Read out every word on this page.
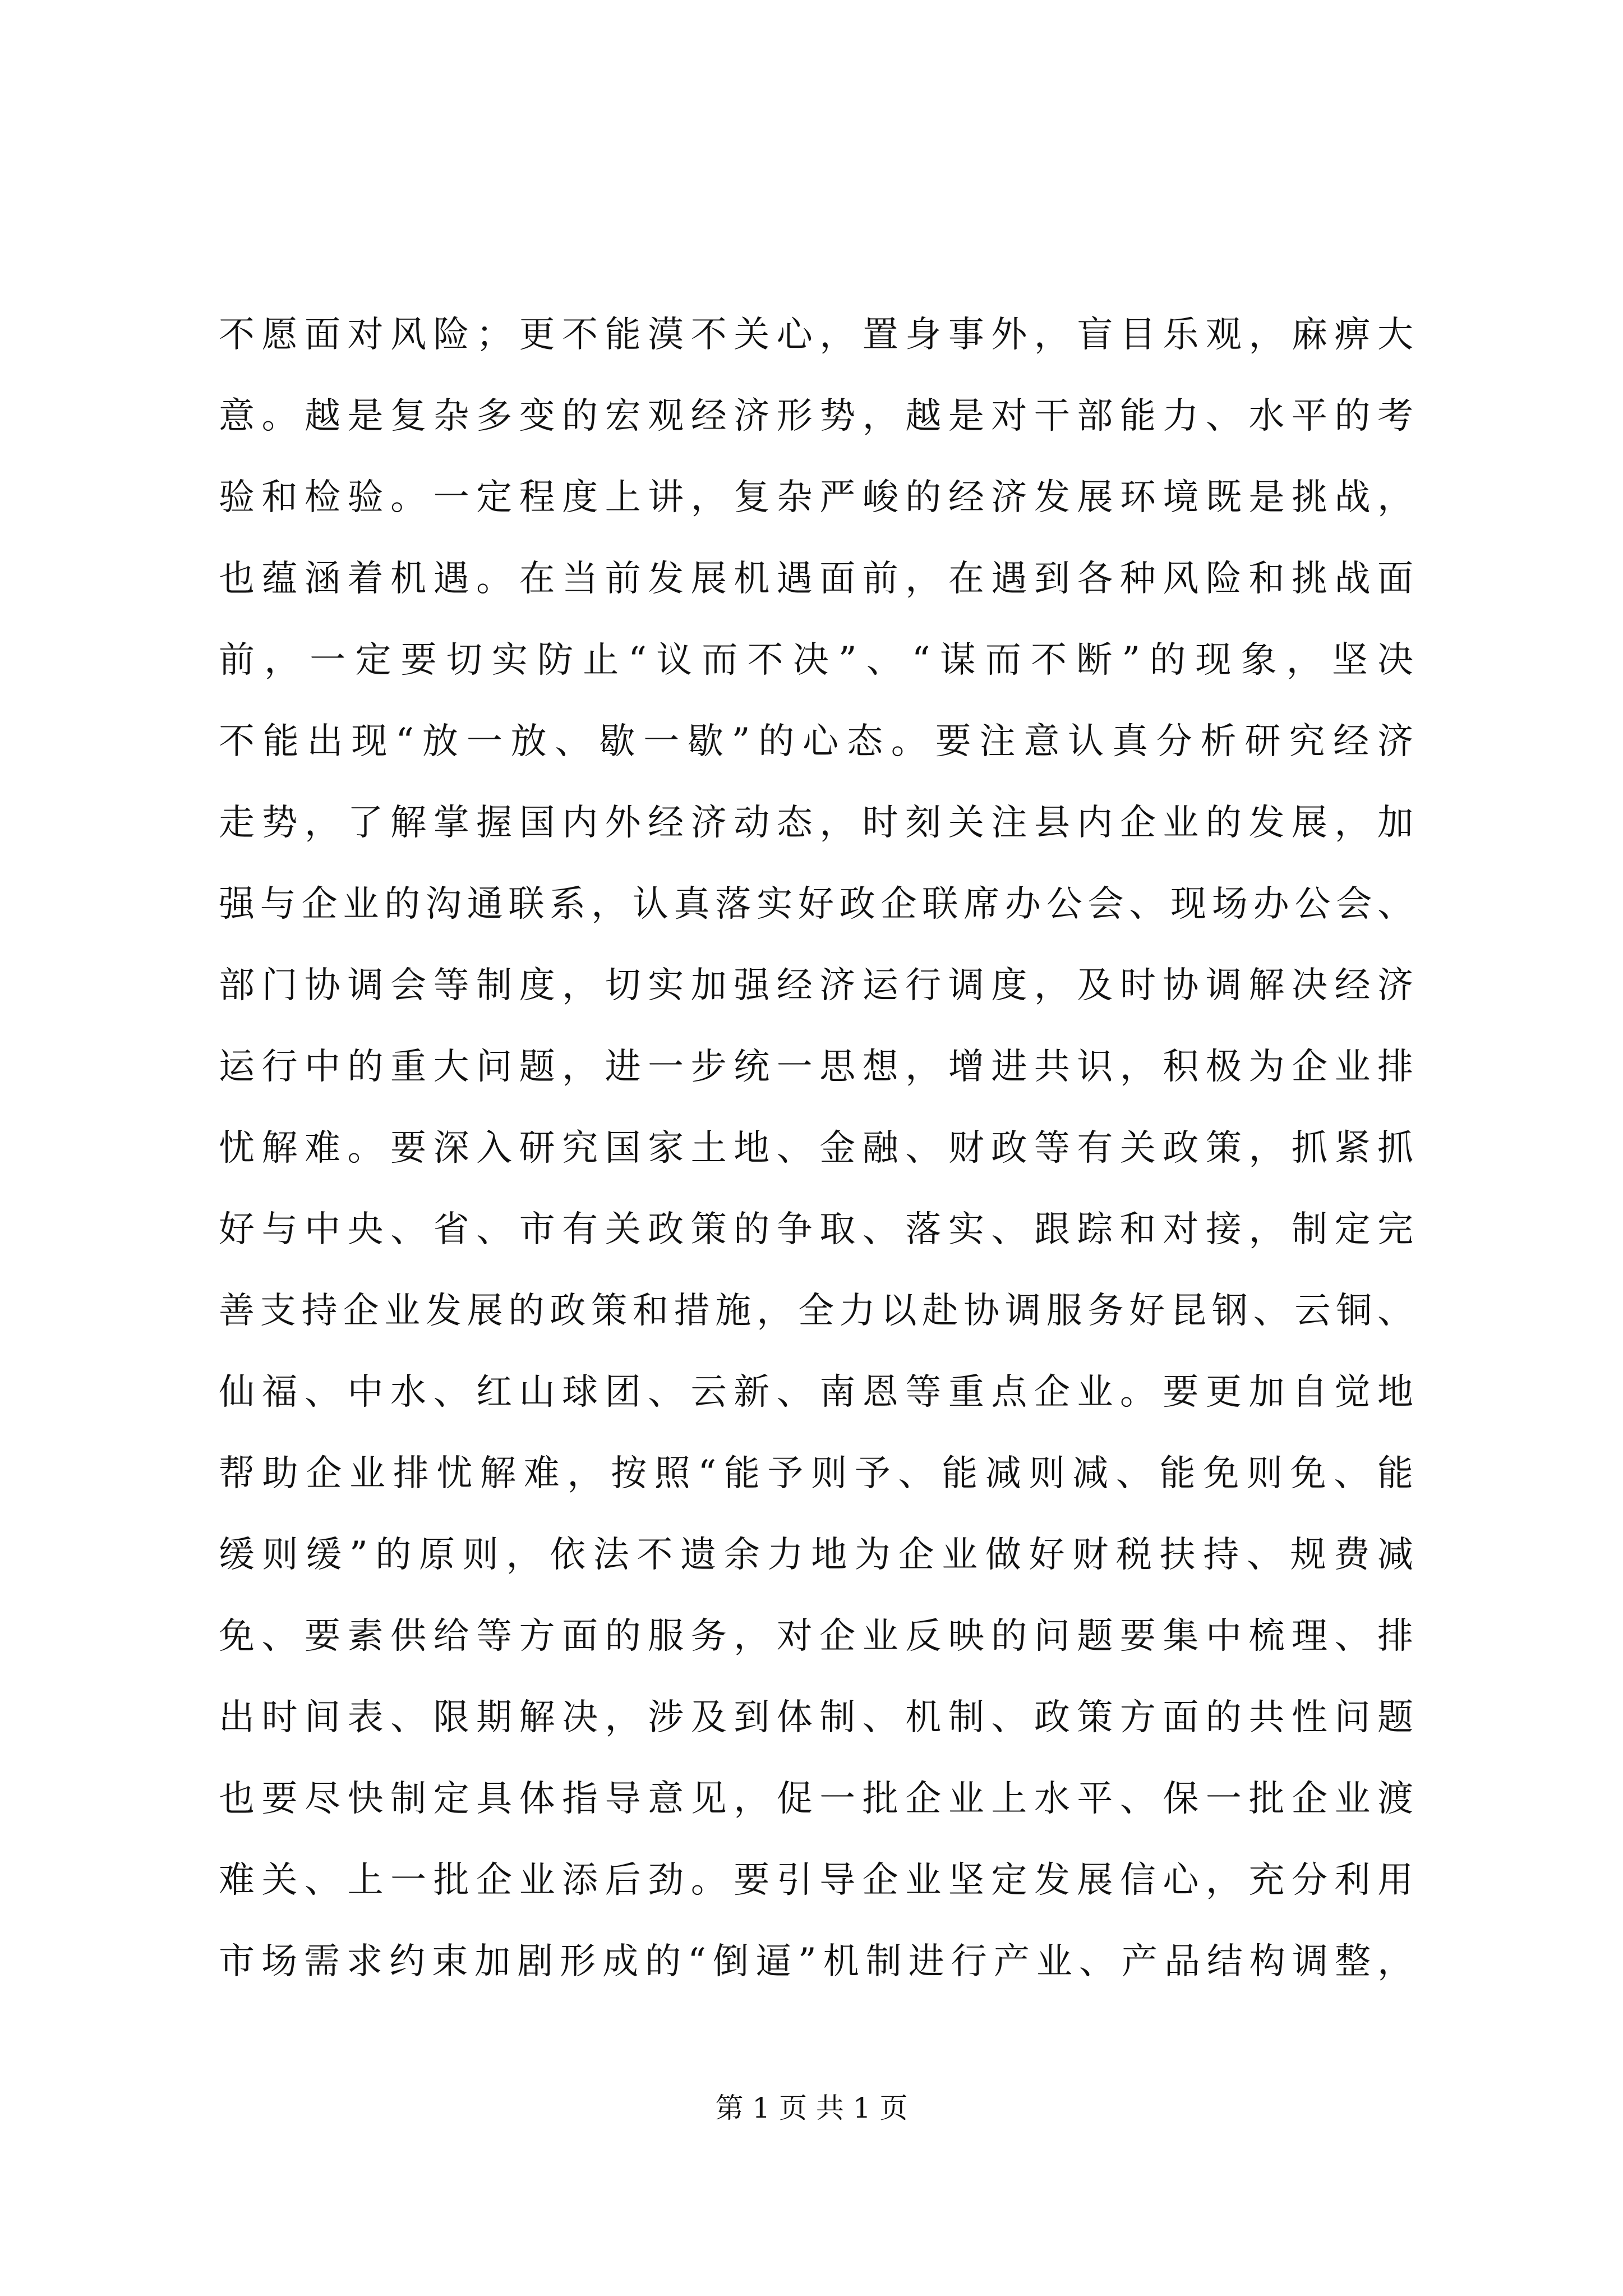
不愿面对风险；更不能漠不关心，置身事外，盲目乐观，麻痹大
意。越是复杂多变的宏观经济形势，越是对干部能力、水平的考
验和检验。一定程度上讲，复杂严峻的经济发展环境既是挑战，
也蕴涵着机遇。在当前发展机遇面前，在遇到各种风险和挑战面
前，一定要切实防止“议而不决”、“谋而不断”的现象，坚决
不能出现“放一放、歇一歇”的心态。要注意认真分析研究经济
走势，了解掌握国内外经济动态，时刻关注县内企业的发展，加
强与企业的沟通联系，认真落实好政企联席办公会、现场办公会、
部门协调会等制度，切实加强经济运行调度，及时协调解决经济
运行中的重大问题，进一步统一思想，增进共识，积极为企业排
忧解难。要深入研究国家土地、金融、财政等有关政策，抓紧抓
好与中央、省、市有关政策的争取、落实、跟踪和对接，制定完
善支持企业发展的政策和措施，全力以赴协调服务好昆钢、云铜、
仙福、中水、红山球团、云新、南恩等重点企业。要更加自觉地
帮助企业排忧解难，按照“能予则予、能减则减、能免则免、能
缓则缓”的原则，依法不遗余力地为企业做好财税扶持、规费减
免、要素供给等方面的服务，对企业反映的问题要集中梳理、排
出时间表、限期解决，涉及到体制、机制、政策方面的共性问题
也要尽快制定具体指导意见，促一批企业上水平、保一批企业渡
难关、上一批企业添后劲。要引导企业坚定发展信心，充分利用
市场需求约束加剧形成的“倒逼”机制进行产业、产品结构调整，
第 1 页 共 1 页
